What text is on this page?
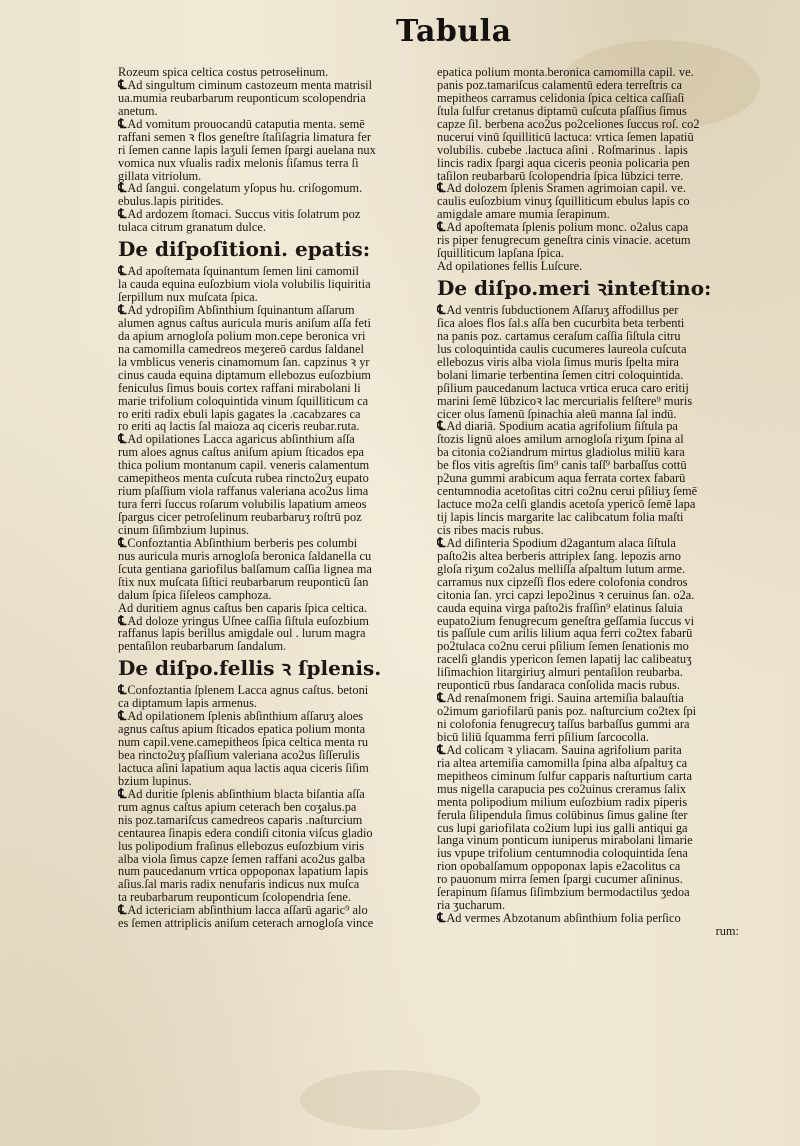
Tabula
Rozeum spica celtica costus petrosełinum.
℄Ad singultum ciminum castozeum menta matrisil
ua.mumia reubarbarum reuponticum scolopendria
anetum.
℄Ad vomitum prouocandū cataputia menta. semē
raffani semen ꝛ flos geneſtre ſtaſiſagria limatura fer
ri ſemen canne lapis laʒuli ſemen ſpargi auelana nux
vomica nux vſualis radix melonis ſiſamus terra ſi
gillata vitriolum.
℄Ad ſangui. congelatum yſopus hu. criſogomum.
ebulus.lapis piritides.
℄Ad ardozem ſtomaci. Succus vitis ſolatrum poz
tulaca citrum granatum dulce.
De diſpoſitioni. epatis:
℄Ad apoſtemata ſquinantum ſemen lini camomil
la cauda equina euſozbium viola volubilis liquiritia
ſerpillum nux muſcata ſpica.
℄Ad ydropiſim Abſinthium ſquinantum aſſarum
alumen agnus caſtus auricula muris aniſum aſſa feti
da apium arnogloſa polium mon.cepe beronica vri
na camomilla camedreos meʒereō cardus ſaldanel
la vmblicus veneris cinamomum ſan. capzinus ꝛ yr
cinus cauda equina diptamum ellebozus euſozbium
feniculus ſimus bouis cortex raffani mirabolani li
marie trifolium coloquintida vinum ſquilliticum ca
ro eriti radix ebuli lapis gagates la .cacabzares ca
ro eriti aq lactis ſal maioza aq ciceris reubar.ruta.
℄Ad opilationes Lacca agaricus abſinthium aſſa
rum aloes agnus caſtus aniſum apium ſticados epa
thica polium montanum capil. veneris calamentum
camepitheos menta cuſcuta rubea rincto2uʒ eupato
rium pſaſſium viola raffanus valeriana aco2us lima
tura ferri ſuccus roſarum volubilis lapatium ameos
ſpargus cicer petroſelinum reubarbaruʒ roſtrū poz
cinum ſiſimbzium lupinus.
℄Confoztantia Abſinthium berberis pes columbi
nus auricula muris arnogloſa beronica ſaldanella cu
ſcuta gentiana gariofilus balſamum caſſia lignea ma
ſtix nux muſcata ſiſtici reubarbarum reuponticū ſan
dalum ſpica ſiſeleos camphoza.
Ad duritiem agnus caſtus ben caparis ſpica celtica.
℄Ad doloze yringus Uſnee caſſia ſiſtula euſozbium
raffanus lapis berillus amigdale oul . lurum magra
pentaſilon reubarbarum ſandalum.
De diſpo.fellis ꝛ ſplenis.
℄Confoztantia ſplenem Lacca agnus caſtus. betoni
ca diptamum lapis armenus.
℄Ad opilationem ſplenis abſinthium aſſaruʒ aloes
agnus caſtus apium ſticados epatica polium monta
num capil.vene.camepitheos ſpica celtica menta ru
bea rincto2uʒ pſaſſium valeriana aco2us ſiſſerulis
lactuca aſini lapatium aqua lactis aqua ciceris ſiſim
bzium lupinus.
℄Ad duritie ſplenis abſinthium blacta biſantia aſſa
rum agnus caſtus apium ceterach ben coʒalus.pa
nis poz.tamariſcus camedreos caparis .naſturcium
centaurea ſinapis edera condiſi citonia viſcus gladio
lus polipodium fraſinus ellebozus euſozbium viris
alba viola ſimus capze ſemen raffani aco2us galba
num paucedanum vrtica oppoponax lapatium lapis
aſius.ſal maris radix nenufaris indicus nux muſca
ta reubarbarum reuponticum ſcolopendria ſene.
℄Ad ictericiam abſinthium lacca aſſarū agaric⁹ alo
es ſemen attriplicis aniſum ceterach arnogloſa vince
epatica polium monta.beronica camomilla capil. ve.
panis poz.tamariſcus calamentū edera terreſtris ca
mepitheos carramus celidonia ſpica celtica caſſiaſi
ſtula ſulfur cretanus diptamū cuſcuta pſaſſius ſimus
capze ſil. berbena aco2us po2celiones ſuccus roſ. co2
nucerui vinū ſquilliticū lactuca: vrtica ſemen lapatiū
volubilis. cubebe .lactuca aſini . Roſmarinus . lapis
lincis radix ſpargi aqua ciceris peonia policaria pen
taſilon reubarbarū ſcolopendria ſpica lūbzici terre.
℄Ad dolozem ſplenis Sramen agrimoian capil. ve.
caulis euſozbium vinuʒ ſquilliticum ebulus lapis co
amigdale amare mumia ſerapinum.
℄Ad apoſtemata ſplenis polium monc. o2alus capa
ris piper fenugrecum geneſtra cinis vinacie. acetum
ſquilliticum lapſana ſpica.
Ad opilationes fellis Luſcure.
De diſpo.meri ꝛinteſtino:
℄Ad ventris ſubductionem Aſſaruʒ affodillus per
ſica aloes flos ſal.s aſſa ben cucurbita beta terbenti
na panis poz. cartamus ceraſum caſſia ſiſtula citru
lus coloquintida caulis cucumeres laureola cuſcuta
ellebozus viris alba viola ſimus muris ſpelta mira
bolani limarie terbentina ſemen citri coloquintida.
pſilium paucedanum lactuca vrtica eruca caro eritij
marini ſemē lūbzicoꝛ lac mercurialis felſtere⁹ muris
cicer olus ſamenū ſpinachia aleū manna ſal indū.
℄Ad diariā. Spodium acatia agrifolium ſiſtula pa
ſtozis lignū aloes amilum arnogloſa riʒum ſpina al
ba citonia co2iandrum mirtus gladiolus miliū kara
be flos vitis agreſtis ſim⁹ canis taſſ⁹ barbaſſus cottū
p2una gummi arabicum aqua ferrata cortex fabarū
centumnodia acetoſitas citri co2nu cerui pſiliuʒ ſemē
lactuce mo2a celſi glandis acetoſa ypericō ſemē lapa
tij lapis lincis margarite lac calibcatum folia maſti
cis ribes macis rubus.
℄Ad diſinteria Spodium d2agantum alaca ſiſtula
paſto2is altea berberis attriplex ſang. lepozis arno
gloſa riʒum co2alus melliſſa aſpaltum lutum arme.
carramus nux cipzeſſi flos edere colofonia condros
citonia ſan. yrci capzi lepo2inus ꝛ ceruinus ſan. o2a.
cauda equina virga paſto2is fraſſin⁹ elatinus ſaluia
eupato2ium fenugrecum geneſtra geſſamia ſuccus vi
tis paſſule cum arilis lilium aqua ferri co2tex fabarū
po2tulaca co2nu cerui pſilium ſemen ſenationis mo
racelſi glandis ypericon ſemen lapatij lac calibeatuʒ
liſimachion litargiriuʒ almuri pentaſilon reubarba.
reuponticū rbus ſandaraca conſolida macis rubus.
℄Ad renaſmonem frigi. Sauina artemiſia balauſtia
o2imum gariofilarū panis poz. naſturcium co2tex ſpi
ni colofonia fenugrecuʒ taſſus barbaſſus gummi ara
bicū liliū ſquamma ferri pſilium ſarcocolla.
℄Ad colicam ꝛ yliacam. Sauina agrifolium parita
ria altea artemiſia camomilla ſpina alba aſpaltuʒ ca
mepitheos ciminum ſulfur capparis naſturtium carta
mus nigella carapucia pes co2uinus creramus ſalix
menta polipodium milium euſozbium radix piperis
ferula ſilipendula ſimus colūbinus ſimus galine ſter
cus lupi gariofilata co2ium lupi ius galli antiqui ga
langa vinum ponticum iuniperus mirabolani limarie
ius vpupe trifolium centumnodia coloquintida ſena
rion opobalſamum oppoponax lapis e2acolitus ca
ro pauonum mirra ſemen ſpargi cucumer aſininus.
ſerapinum ſiſamus ſiſimbzium bermodactilus ʒedoa
ria ʒucharum.
℄Ad vermes Abzotanum abſinthium folia perſico
rum:
